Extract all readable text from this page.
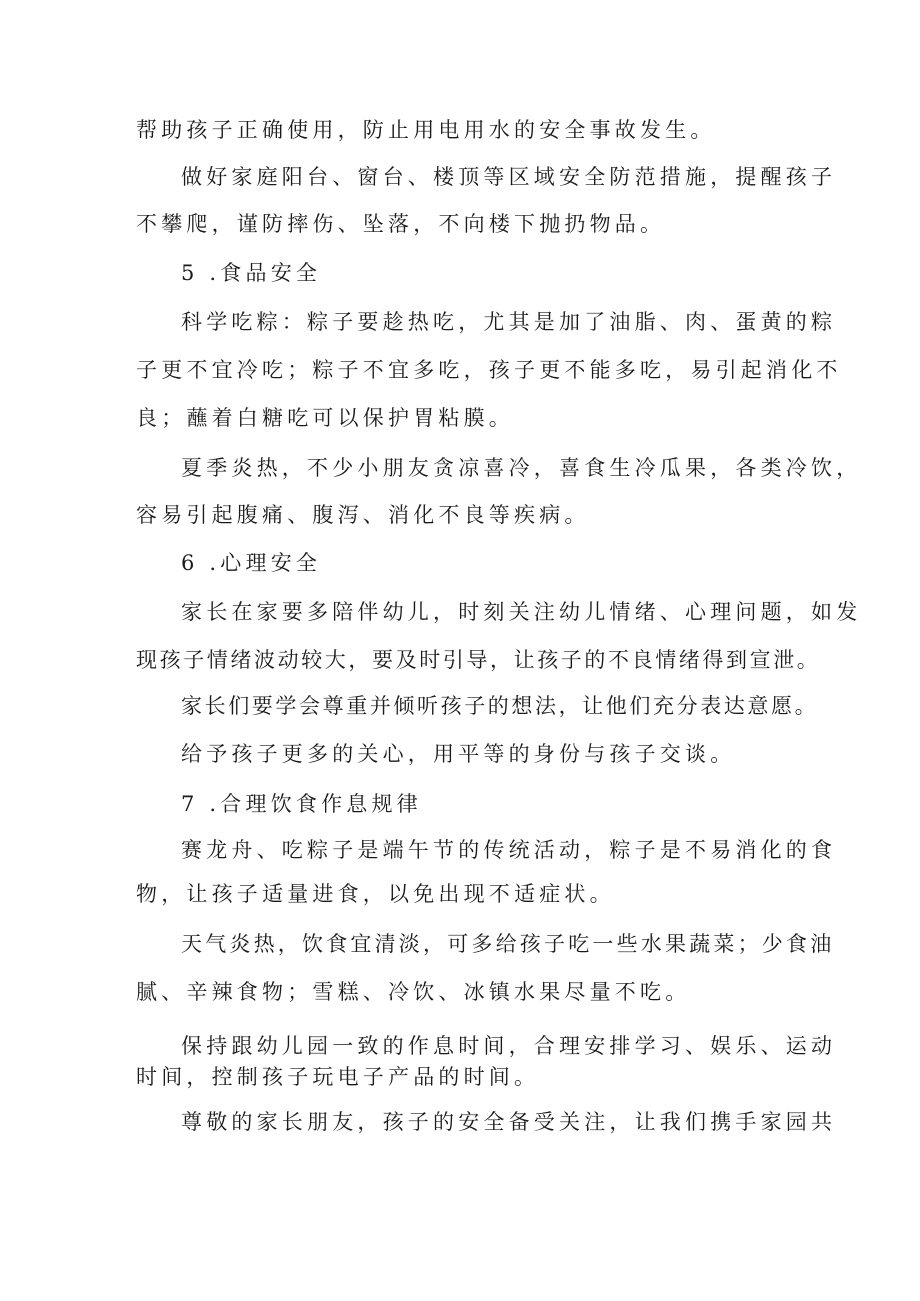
帮助孩子正确使用，防止用电用水的安全事故发生。

做好家庭阳台、窗台、楼顶等区域安全防范措施，提醒孩子

不攀爬，谨防摔伤、坠落，不向楼下抛扔物品。

5 .食品安全

科学吃粽：粽子要趁热吃，尤其是加了油脂、肉、蛋黄的粽

子更不宜冷吃；粽子不宜多吃，孩子更不能多吃，易引起消化不

良；蘸着白糖吃可以保护胃粘膜。

夏季炎热，不少小朋友贪凉喜冷，喜食生冷瓜果，各类冷饮，

容易引起腹痛、腹泻、消化不良等疾病。

6 .心理安全

家长在家要多陪伴幼儿，时刻关注幼儿情绪、心理问题，如发

现孩子情绪波动较大，要及时引导，让孩子的不良情绪得到宣泄。

家长们要学会尊重并倾听孩子的想法，让他们充分表达意愿。

给予孩子更多的关心，用平等的身份与孩子交谈。

7 .合理饮食作息规律

赛龙舟、吃粽子是端午节的传统活动，粽子是不易消化的食

物，让孩子适量进食，以免出现不适症状。

天气炎热，饮食宜清淡，可多给孩子吃一些水果蔬菜；少食油

腻、辛辣食物；雪糕、冷饮、冰镇水果尽量不吃。

保持跟幼儿园一致的作息时间，合理安排学习、娱乐、运动

时间，控制孩子玩电子产品的时间。

尊敬的家长朋友，孩子的安全备受关注，让我们携手家园共
